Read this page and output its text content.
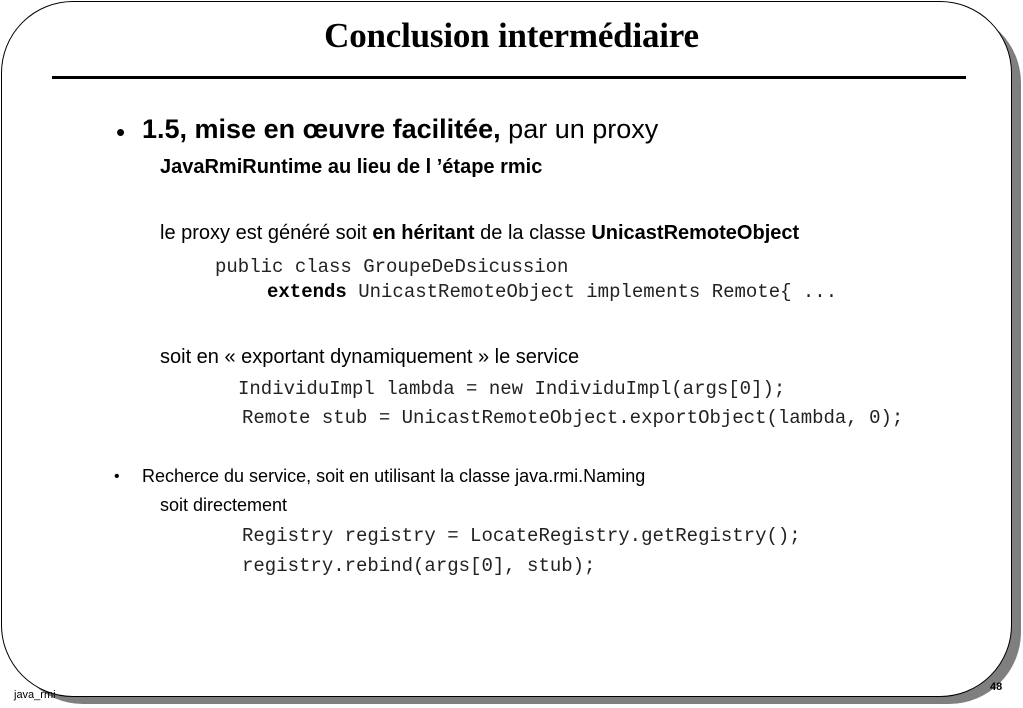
Conclusion intermédiaire
• 1.5, mise en œuvre facilitée, par un proxy
JavaRmiRuntime au lieu de l ’étape rmic
le proxy est généré soit en héritant de la classe UnicastRemoteObject
public class GroupeDeDsicussion
extends UnicastRemoteObject implements Remote{ ...
soit en « exportant dynamiquement » le service
IndividuImpl lambda = new IndividuImpl(args[0]);
Remote stub = UnicastRemoteObject.exportObject(lambda, 0);
• Recherce du service, soit en utilisant la classe java.rmi.Naming
soit directement
Registry registry = LocateRegistry.getRegistry();
registry.rebind(args[0], stub);
java_rmi
48
